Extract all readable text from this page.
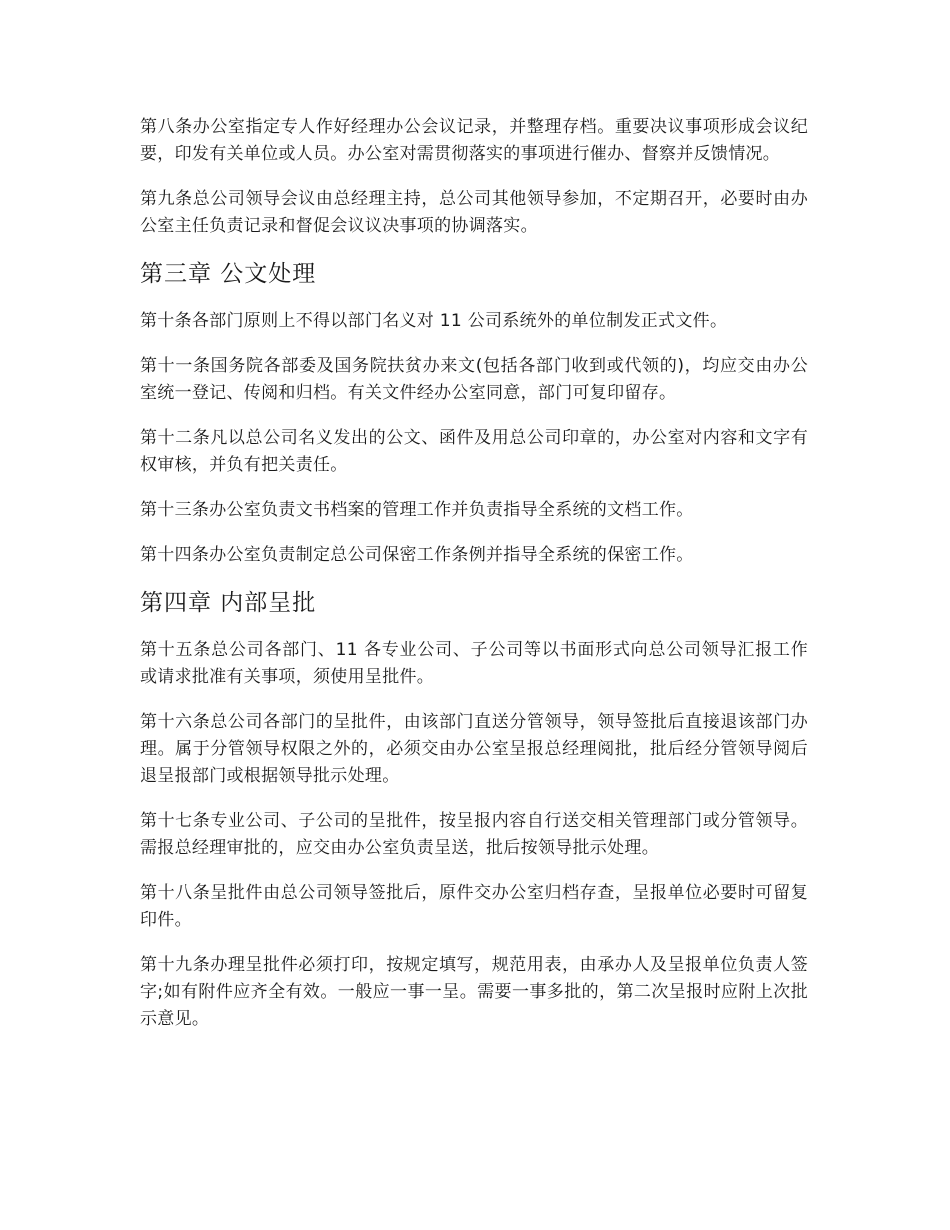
第八条办公室指定专人作好经理办公会议记录，并整理存档。重要决议事项形成会议纪要，印发有关单位或人员。办公室对需贯彻落实的事项进行催办、督察并反馈情况。

第九条总公司领导会议由总经理主持，总公司其他领导参加，不定期召开，必要时由办公室主任负责记录和督促会议议决事项的协调落实。

第三章 公文处理

第十条各部门原则上不得以部门名义对 11 公司系统外的单位制发正式文件。

第十一条国务院各部委及国务院扶贫办来文(包括各部门收到或代领的)，均应交由办公室统一登记、传阅和归档。有关文件经办公室同意，部门可复印留存。

第十二条凡以总公司名义发出的公文、函件及用总公司印章的，办公室对内容和文字有权审核，并负有把关责任。

第十三条办公室负责文书档案的管理工作并负责指导全系统的文档工作。

第十四条办公室负责制定总公司保密工作条例并指导全系统的保密工作。

第四章 内部呈批

第十五条总公司各部门、11 各专业公司、子公司等以书面形式向总公司领导汇报工作或请求批准有关事项，须使用呈批件。

第十六条总公司各部门的呈批件，由该部门直送分管领导，领导签批后直接退该部门办理。属于分管领导权限之外的，必须交由办公室呈报总经理阅批，批后经分管领导阅后退呈报部门或根据领导批示处理。

第十七条专业公司、子公司的呈批件，按呈报内容自行送交相关管理部门或分管领导。需报总经理审批的，应交由办公室负责呈送，批后按领导批示处理。

第十八条呈批件由总公司领导签批后，原件交办公室归档存查，呈报单位必要时可留复印件。

第十九条办理呈批件必须打印，按规定填写，规范用表，由承办人及呈报单位负责人签字;如有附件应齐全有效。一般应一事一呈。需要一事多批的，第二次呈报时应附上次批示意见。
